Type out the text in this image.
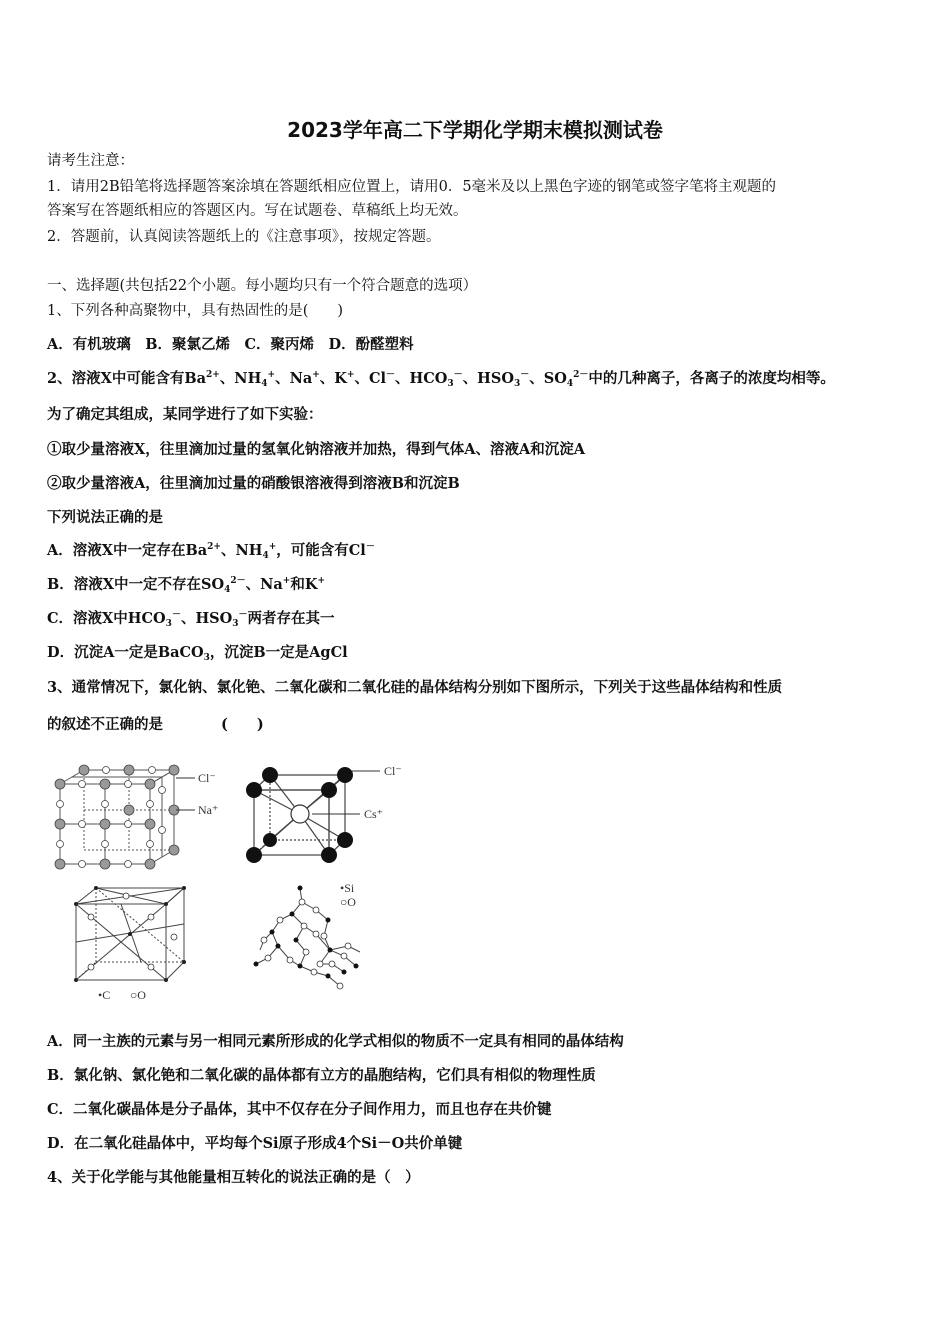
2023学年高二下学期化学期末模拟测试卷
请考生注意：
1．请用2B铅笔将选择题答案涂填在答题纸相应位置上，请用0．5毫米及以上黑色字迹的钢笔或签字笔将主观题的
答案写在答题纸相应的答题区内。写在试题卷、草稿纸上均无效。
2．答题前，认真阅读答题纸上的《注意事项》，按规定答题。
一、选择题(共包括22个小题。每小题均只有一个符合题意的选项）
1、下列各种高聚物中，具有热固性的是(　　)
A．有机玻璃　B．聚氯乙烯　C．聚丙烯　D．酚醛塑料
2、溶液X中可能含有$Ba^{2+}$、$NH_4^+$、Na+、K+、Cl－、$HCO_3^-$、$HSO_3^-$、$SO_4^{2-}$中的几种离子，各离子的浓度均相等。
为了确定其组成，某同学进行了如下实验：
①取少量溶液X，往里滴加过量的氢氧化钠溶液并加热，得到气体A、溶液A和沉淀A
②取少量溶液A，往里滴加过量的硝酸银溶液得到溶液B和沉淀B
下列说法正确的是
A．溶液X中一定存在$Ba^{2+}$、$NH_4^+$，可能含有Cl－
B．溶液X中一定不存在$SO_4^{2-}$、Na+和K+
C．溶液X中$HCO_3^-$、$HSO_3^-$两者存在其一
D．沉淀A一定是BaCO$_3$，沉淀B一定是AgCl
3、通常情况下，氯化钠、氯化铯、二氧化碳和二氧化硅的晶体结构分别如下图所示，下列关于这些晶体结构和性质
的叙述不正确的是　　　　(　　)
Cl⁻
Na⁺
Cl⁻
Cs⁺
•C ○O
•Si
○O
A．同一主族的元素与另一相同元素所形成的化学式相似的物质不一定具有相同的晶体结构
B．氯化钠、氯化铯和二氧化碳的晶体都有立方的晶胞结构，它们具有相似的物理性质
C．二氧化碳晶体是分子晶体，其中不仅存在分子间作用力，而且也存在共价键
D．在二氧化硅晶体中，平均每个Si原子形成4个Si－O共价单键
4、关于化学能与其他能量相互转化的说法正确的是（　）
